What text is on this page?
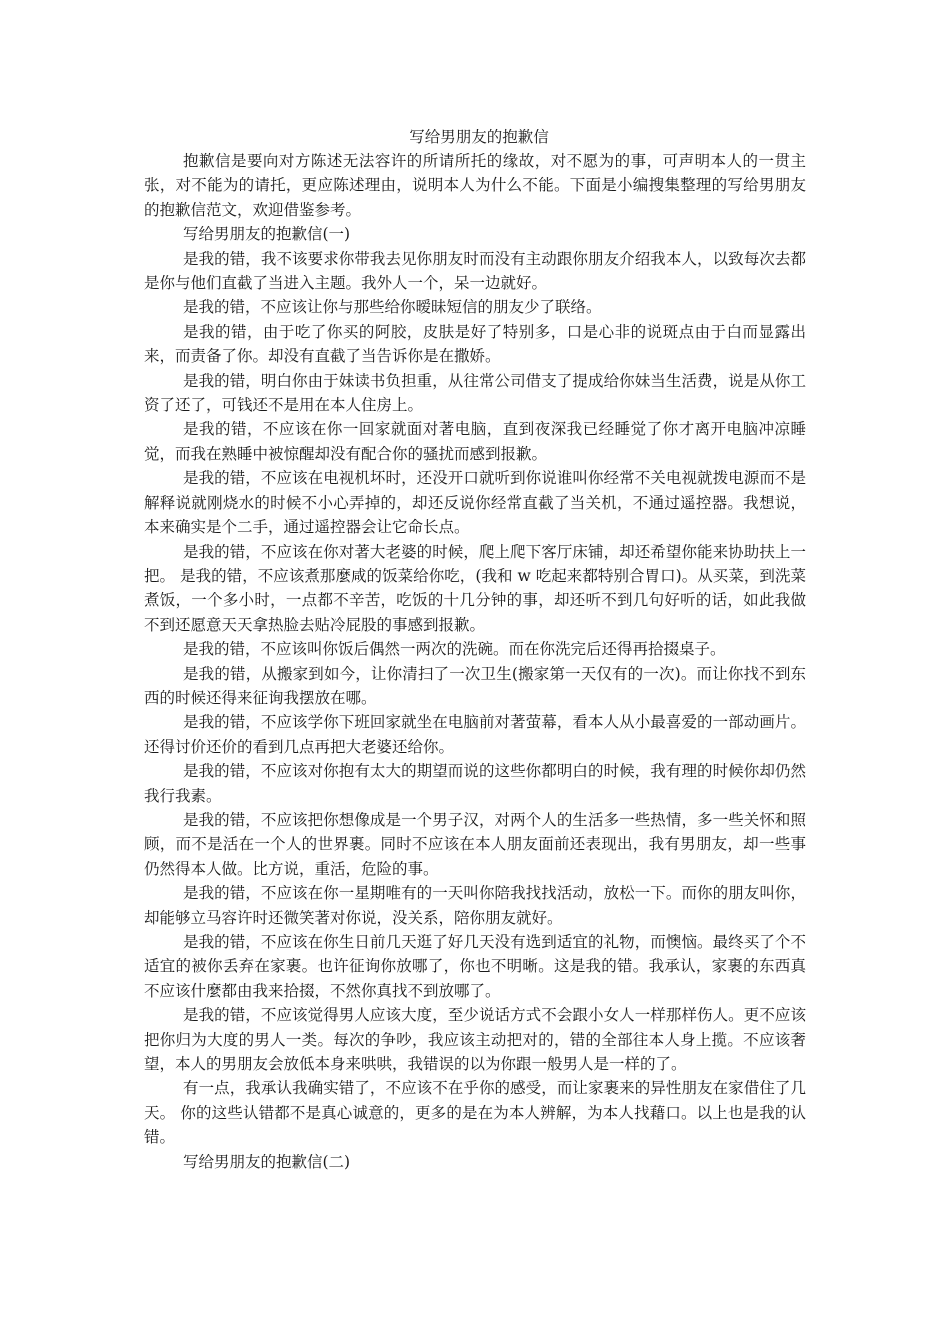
写给男朋友的抱歉信

抱歉信是要向对方陈述无法容许的所请所托的缘故，对不愿为的事，可声明本人的一贯主张，对不能为的请托，更应陈述理由，说明本人为什么不能。下面是小编搜集整理的写给男朋友的抱歉信范文，欢迎借鉴参考。

写给男朋友的抱歉信(一)

是我的错，我不该要求你带我去见你朋友时而没有主动跟你朋友介绍我本人，以致每次去都是你与他们直截了当进入主题。我外人一个，呆一边就好。

是我的错，不应该让你与那些给你暧昧短信的朋友少了联络。

是我的错，由于吃了你买的阿胶，皮肤是好了特别多，口是心非的说斑点由于白而显露出来，而责备了你。却没有直截了当告诉你是在撒娇。

是我的错，明白你由于妹读书负担重，从往常公司借支了提成给你妹当生活费，说是从你工资了还了，可钱还不是用在本人住房上。

是我的错，不应该在你一回家就面对著电脑，直到夜深我已经睡觉了你才离开电脑冲凉睡觉，而我在熟睡中被惊醒却没有配合你的骚扰而感到报歉。

是我的错，不应该在电视机坏时，还没开口就听到你说谁叫你经常不关电视就拨电源而不是解释说就刚烧水的时候不小心弄掉的，却还反说你经常直截了当关机，不通过遥控器。我想说，本来确实是个二手，通过遥控器会让它命长点。

是我的错，不应该在你对著大老婆的时候，爬上爬下客厅床铺，却还希望你能来协助扶上一把。 是我的错，不应该煮那麼咸的饭菜给你吃，(我和 w 吃起来都特别合胃口)。从买菜，到洗菜煮饭，一个多小时，一点都不辛苦，吃饭的十几分钟的事，却还听不到几句好听的话，如此我做不到还愿意天天拿热脸去贴冷屁股的事感到报歉。

是我的错，不应该叫你饭后偶然一两次的洗碗。而在你洗完后还得再拾掇桌子。

是我的错，从搬家到如今，让你清扫了一次卫生(搬家第一天仅有的一次)。而让你找不到东西的时候还得来征询我摆放在哪。

是我的错，不应该学你下班回家就坐在电脑前对著萤幕，看本人从小最喜爱的一部动画片。还得讨价还价的看到几点再把大老婆还给你。

是我的错，不应该对你抱有太大的期望而说的这些你都明白的时候，我有理的时候你却仍然我行我素。

是我的错，不应该把你想像成是一个男子汉，对两个人的生活多一些热情，多一些关怀和照顾，而不是活在一个人的世界裹。同时不应该在本人朋友面前还表现出，我有男朋友，却一些事仍然得本人做。比方说，重活，危险的事。

是我的错，不应该在你一星期唯有的一天叫你陪我找找活动，放松一下。而你的朋友叫你，却能够立马容许时还微笑著对你说，没关系，陪你朋友就好。

是我的错，不应该在你生日前几天逛了好几天没有选到适宜的礼物，而懊恼。最终买了个不适宜的被你丢弃在家裹。也许征询你放哪了，你也不明晰。这是我的错。我承认，家裹的东西真不应该什麼都由我来拾掇，不然你真找不到放哪了。

是我的错，不应该觉得男人应该大度，至少说话方式不会跟小女人一样那样伤人。更不应该把你归为大度的男人一类。每次的争吵，我应该主动把对的，错的全部往本人身上揽。不应该奢望，本人的男朋友会放低本身来哄哄，我错误的以为你跟一般男人是一样的了。

有一点，我承认我确实错了，不应该不在乎你的感受，而让家裹来的异性朋友在家借住了几天。 你的这些认错都不是真心诚意的，更多的是在为本人辨解，为本人找藉口。以上也是我的认错。

写给男朋友的抱歉信(二)
